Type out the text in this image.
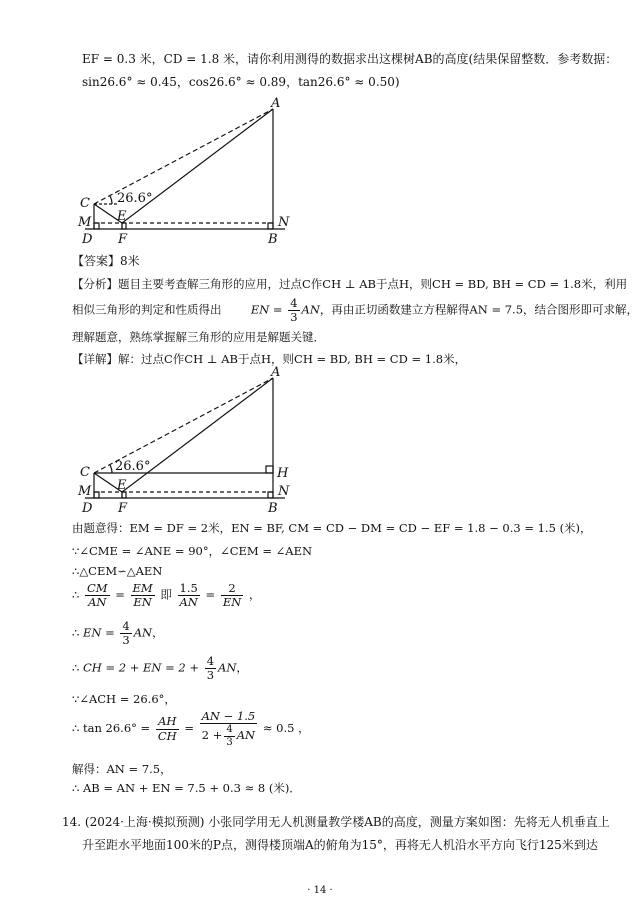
EF = 0.3 米，CD = 1.8 米，请你利用测得的数据求出这棵树AB的高度(结果保留整数．参考数据：
sin26.6° ≈ 0.45，cos26.6° ≈ 0.89，tan26.6° ≈ 0.50)
A
C
E
M	N
D F	B
26.6°
【答案】8米
【分析】题目主要考查解三角形的应用，过点C作CH ⊥ AB于点H，则CH = BD, BH = CD = 1.8米，利用
相似三角形的判定和性质得出	EN = $\frac{4}{3}$ AN，再由正切函数建立方程解得AN = 7.5，结合图形即可求解，
理解题意，熟练掌握解三角形的应用是解题关键．
【详解】解：过点C作CH ⊥ AB于点H，则CH = BD, BH = CD = 1.8米，
A
C
E
H
M	N
D F	B
26.6°
由题意得：EM = DF = 2米，EN = BF, CM = CD − DM = CD − EF = 1.8 − 0.3 = 1.5 (米)，
∵∠CME = ∠ANE = 90°，∠CEM = ∠AEN
∴△CEM∽△AEN
∴ $\frac{CM}{AN} = \frac{EM}{EN}$ 即 $\frac{1.5}{AN} = \frac{2}{EN}$ ，
∴ EN = $\frac{4}{3}$ AN，
∴ CH = 2 + EN = $2 + \frac{4}{3}$ AN，
∵∠ACH = 26.6°，
∴ $\tan 26.6^\circ = \frac{AH}{CH} = \frac{AN - 1.5}{2 + \frac{4}{3} AN} \approx 0.5$ ，
解得：AN = 7.5，
∴ AB = AN + EN = 7.5 + 0.3 ≈ 8 (米)．
14. (2024·上海·模拟预测) 小张同学用无人机测量教学楼AB的高度，测量方案如图：先将无人机垂直上
升至距水平地面100米的P点，测得楼顶端A的俯角为15°，再将无人机沿水平方向飞行125米到达
· 14 ·
